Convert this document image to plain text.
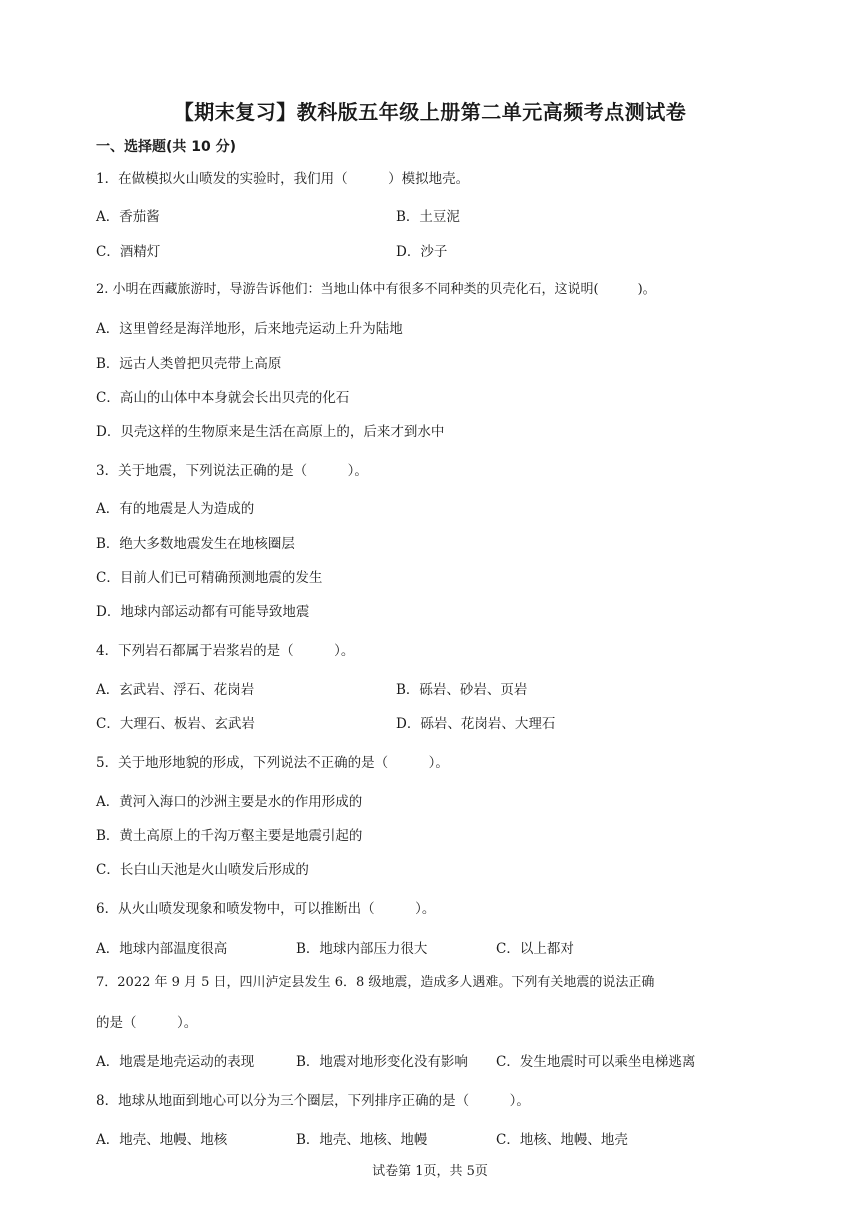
【期末复习】教科版五年级上册第二单元高频考点测试卷
一、选择题(共 10 分)
1．在做模拟火山喷发的实验时，我们用（　　　）模拟地壳。
A．香茄酱	B．土豆泥
C．酒精灯	D．沙子
2. 小明在西藏旅游时，导游告诉他们：当地山体中有很多不同种类的贝壳化石，这说明(　　　)。
A．这里曾经是海洋地形，后来地壳运动上升为陆地
B．远古人类曾把贝壳带上高原
C．高山的山体中本身就会长出贝壳的化石
D．贝壳这样的生物原来是生活在高原上的，后来才到水中
3．关于地震，下列说法正确的是（　　　）。
A．有的地震是人为造成的
B．绝大多数地震发生在地核圈层
C．目前人们已可精确预测地震的发生
D．地球内部运动都有可能导致地震
4．下列岩石都属于岩浆岩的是（　　　）。
A．玄武岩、浮石、花岗岩	B．砾岩、砂岩、页岩
C．大理石、板岩、玄武岩	D．砾岩、花岗岩、大理石
5．关于地形地貌的形成，下列说法不正确的是（　　　）。
A．黄河入海口的沙洲主要是水的作用形成的
B．黄土高原上的千沟万壑主要是地震引起的
C．长白山天池是火山喷发后形成的
6．从火山喷发现象和喷发物中，可以推断出（　　　）。
A．地球内部温度很高	B．地球内部压力很大	C．以上都对
7．2022 年 9 月 5 日，四川泸定县发生 6．8 级地震，造成多人遇难。下列有关地震的说法正确
的是（　　　）。
A．地震是地壳运动的表现	B．地震对地形变化没有影响 C．发生地震时可以乘坐电梯逃离
8．地球从地面到地心可以分为三个圈层，下列排序正确的是（　　　）。
A．地壳、地幔、地核	B．地壳、地核、地幔	C．地核、地幔、地壳
试卷第 1页，共 5页
